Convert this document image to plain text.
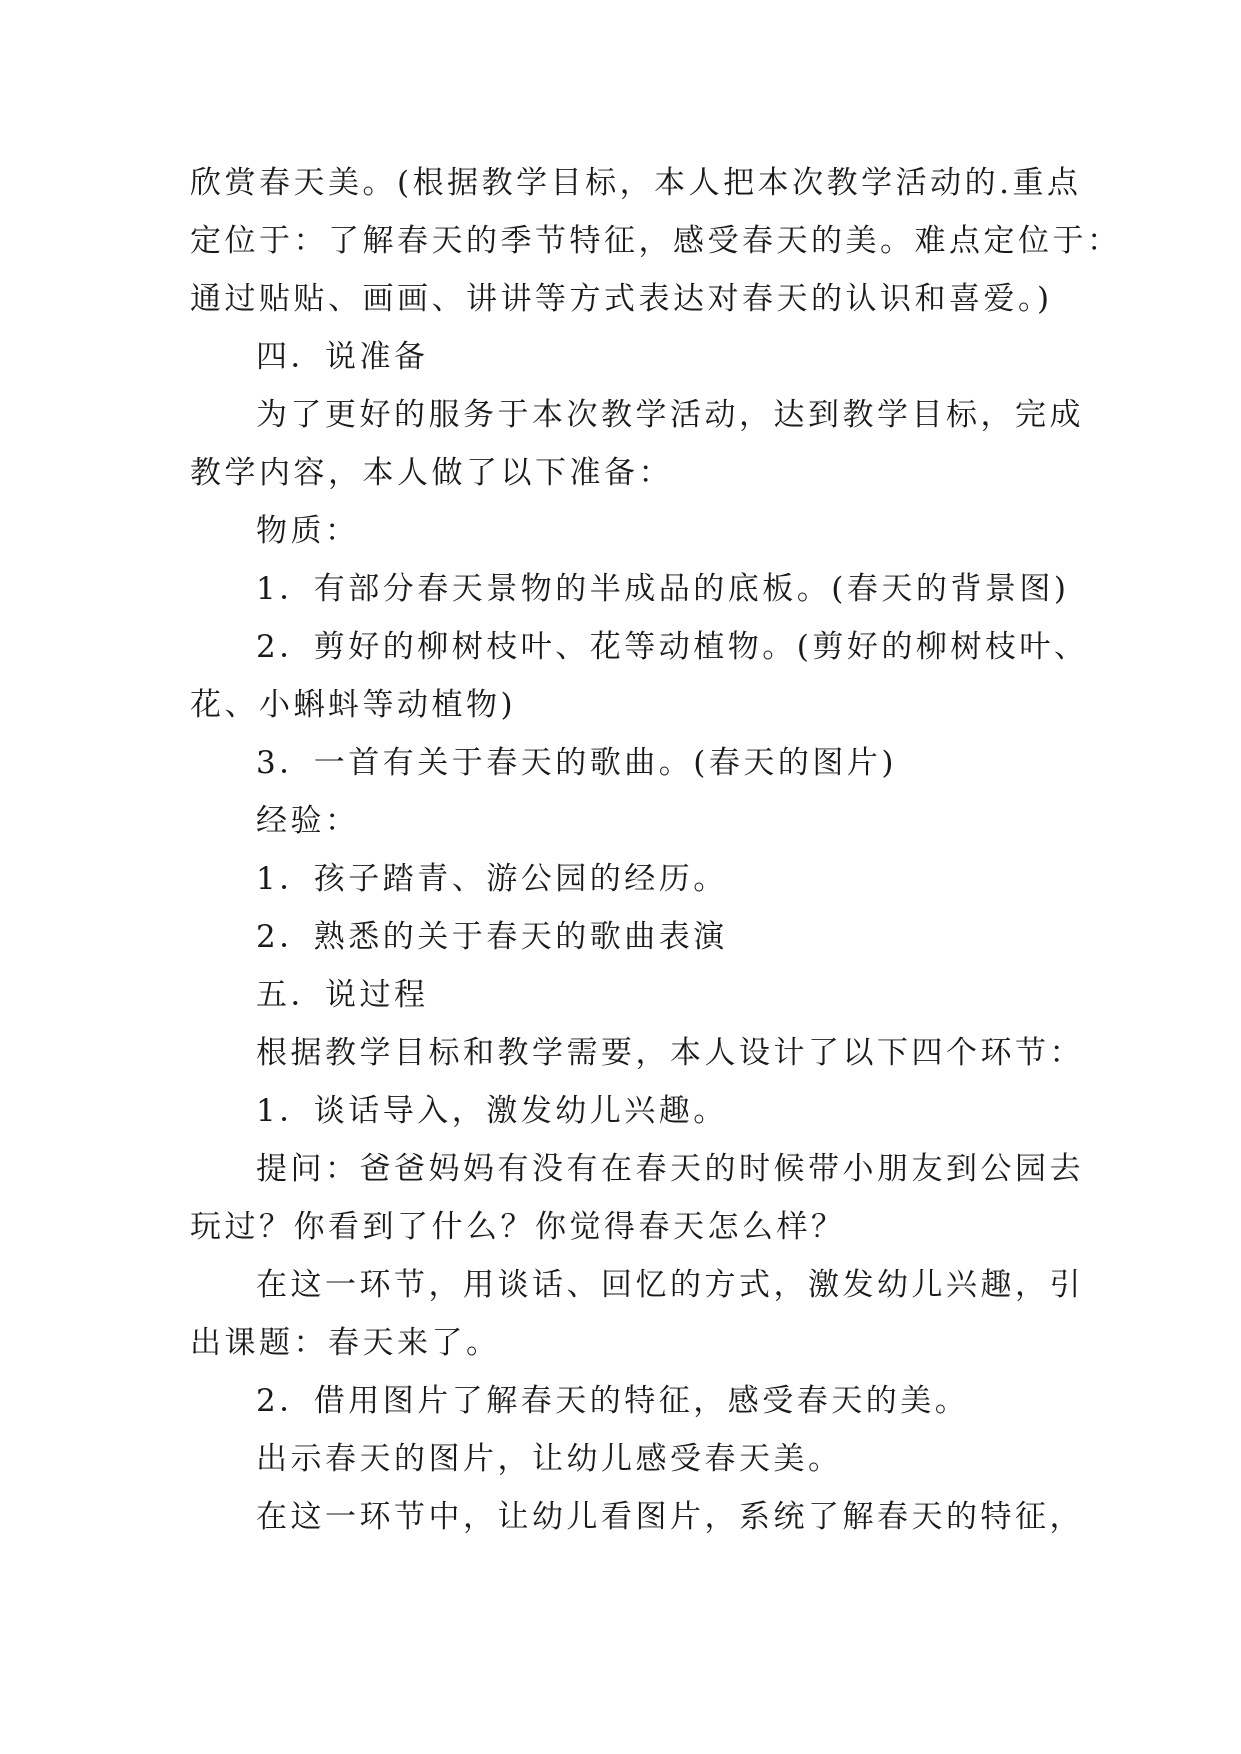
欣赏春天美。(根据教学目标，本人把本次教学活动的.重点
定位于：了解春天的季节特征，感受春天的美。难点定位于：
通过贴贴、画画、讲讲等方式表达对春天的认识和喜爱。)
四．说准备
为了更好的服务于本次教学活动，达到教学目标，完成
教学内容，本人做了以下准备：
物质：
1．有部分春天景物的半成品的底板。(春天的背景图)
2．剪好的柳树枝叶、花等动植物。(剪好的柳树枝叶、
花、小蝌蚪等动植物)
3．一首有关于春天的歌曲。(春天的图片)
经验：
1．孩子踏青、游公园的经历。
2．熟悉的关于春天的歌曲表演
五．说过程
根据教学目标和教学需要，本人设计了以下四个环节：
1．谈话导入，激发幼儿兴趣。
提问：爸爸妈妈有没有在春天的时候带小朋友到公园去
玩过？你看到了什么？你觉得春天怎么样？
在这一环节，用谈话、回忆的方式，激发幼儿兴趣，引
出课题：春天来了。
2．借用图片了解春天的特征，感受春天的美。
出示春天的图片，让幼儿感受春天美。
在这一环节中，让幼儿看图片，系统了解春天的特征，
